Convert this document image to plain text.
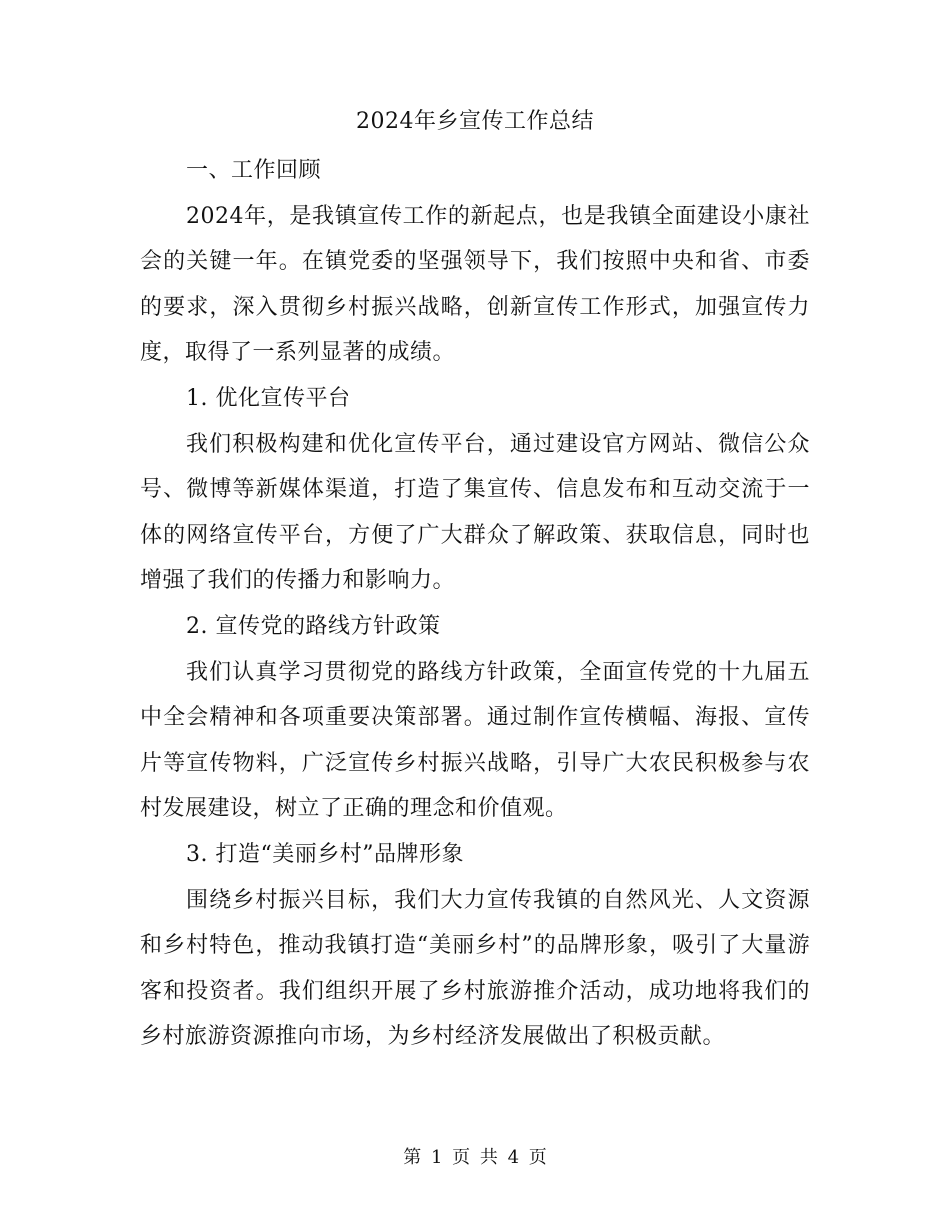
2024年乡宣传工作总结

一、工作回顾

2024年，是我镇宣传工作的新起点，也是我镇全面建设小康社会的关键一年。在镇党委的坚强领导下，我们按照中央和省、市委的要求，深入贯彻乡村振兴战略，创新宣传工作形式，加强宣传力度，取得了一系列显著的成绩。

1. 优化宣传平台

我们积极构建和优化宣传平台，通过建设官方网站、微信公众号、微博等新媒体渠道，打造了集宣传、信息发布和互动交流于一体的网络宣传平台，方便了广大群众了解政策、获取信息，同时也增强了我们的传播力和影响力。

2. 宣传党的路线方针政策

我们认真学习贯彻党的路线方针政策，全面宣传党的十九届五中全会精神和各项重要决策部署。通过制作宣传横幅、海报、宣传片等宣传物料，广泛宣传乡村振兴战略，引导广大农民积极参与农村发展建设，树立了正确的理念和价值观。

3. 打造“美丽乡村”品牌形象

围绕乡村振兴目标，我们大力宣传我镇的自然风光、人文资源和乡村特色，推动我镇打造“美丽乡村”的品牌形象，吸引了大量游客和投资者。我们组织开展了乡村旅游推介活动，成功地将我们的乡村旅游资源推向市场，为乡村经济发展做出了积极贡献。

第 1 页 共 4 页
